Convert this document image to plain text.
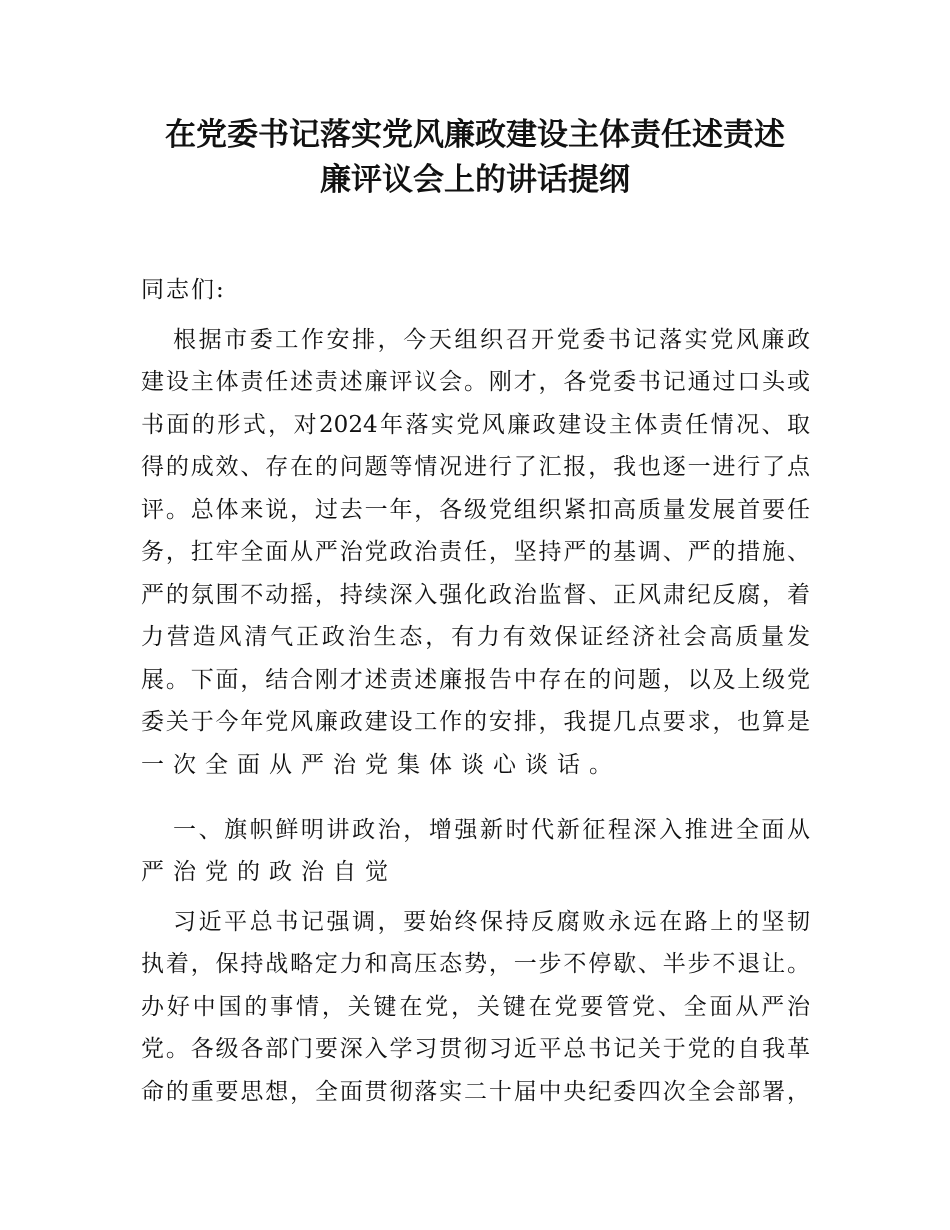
在党委书记落实党风廉政建设主体责任述责述
廉评议会上的讲话提纲
同志们:
根据市委工作安排，今天组织召开党委书记落实党风廉政
建设主体责任述责述廉评议会。刚才，各党委书记通过口头或
书面的形式，对2024年落实党风廉政建设主体责任情况、取
得的成效、存在的问题等情况进行了汇报，我也逐一进行了点
评。总体来说，过去一年，各级党组织紧扣高质量发展首要任
务，扛牢全面从严治党政治责任，坚持严的基调、严的措施、
严的氛围不动摇，持续深入强化政治监督、正风肃纪反腐，着
力营造风清气正政治生态，有力有效保证经济社会高质量发
展。下面，结合刚才述责述廉报告中存在的问题，以及上级党
委关于今年党风廉政建设工作的安排，我提几点要求，也算是
一次全面从严治党集体谈心谈话。
一、旗帜鲜明讲政治，增强新时代新征程深入推进全面从
严治党的政治自觉
习近平总书记强调，要始终保持反腐败永远在路上的坚韧
执着，保持战略定力和高压态势，一步不停歇、半步不退让。
办好中国的事情，关键在党，关键在党要管党、全面从严治
党。各级各部门要深入学习贯彻习近平总书记关于党的自我革
命的重要思想，全面贯彻落实二十届中央纪委四次全会部署，
